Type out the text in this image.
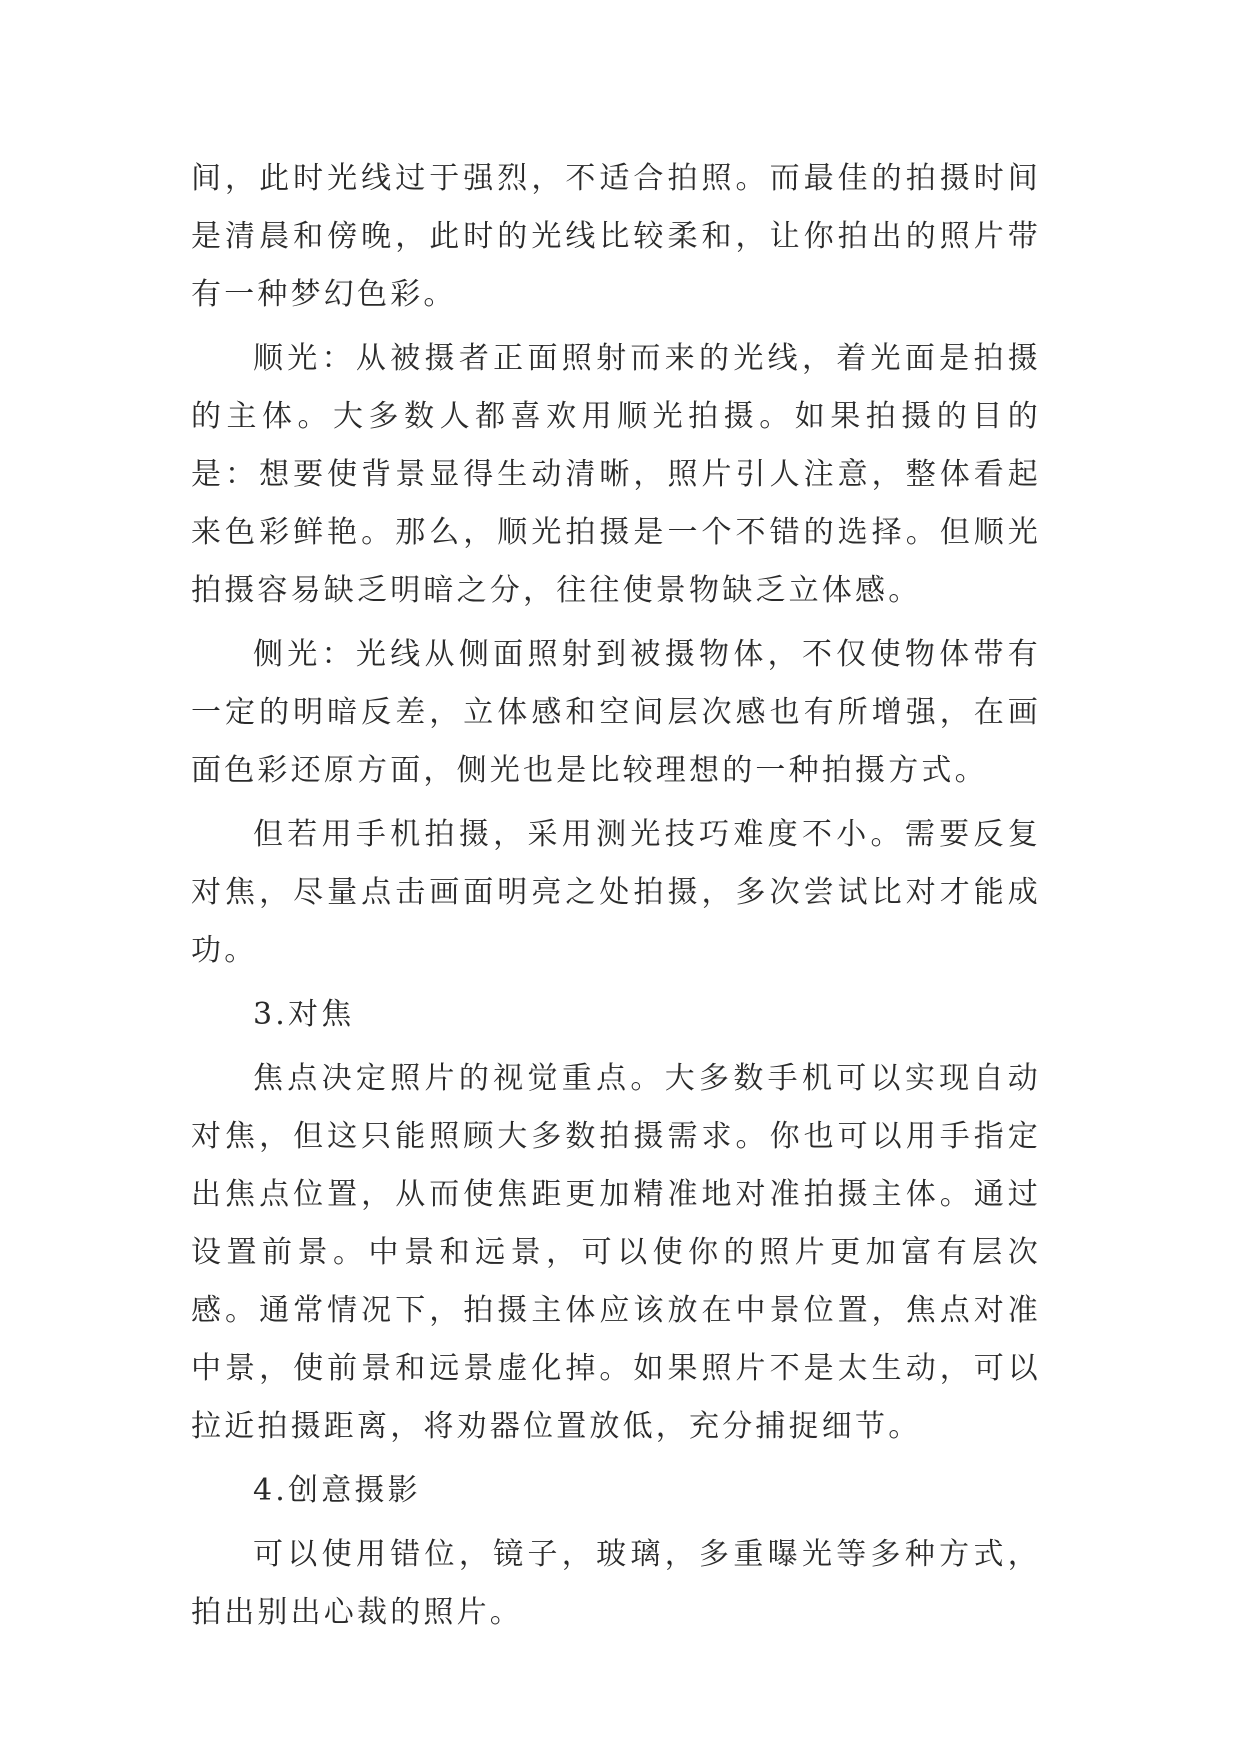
间，此时光线过于强烈，不适合拍照。而最佳的拍摄时间是清晨和傍晚，此时的光线比较柔和，让你拍出的照片带有一种梦幻色彩。

顺光：从被摄者正面照射而来的光线，着光面是拍摄的主体。大多数人都喜欢用顺光拍摄。如果拍摄的目的是：想要使背景显得生动清晰，照片引人注意，整体看起来色彩鲜艳。那么，顺光拍摄是一个不错的选择。但顺光拍摄容易缺乏明暗之分，往往使景物缺乏立体感。

侧光：光线从侧面照射到被摄物体，不仅使物体带有一定的明暗反差，立体感和空间层次感也有所增强，在画面色彩还原方面，侧光也是比较理想的一种拍摄方式。

但若用手机拍摄，采用测光技巧难度不小。需要反复对焦，尽量点击画面明亮之处拍摄，多次尝试比对才能成功。

3.对焦

焦点决定照片的视觉重点。大多数手机可以实现自动对焦，但这只能照顾大多数拍摄需求。你也可以用手指定出焦点位置，从而使焦距更加精准地对准拍摄主体。通过设置前景。中景和远景，可以使你的照片更加富有层次感。通常情况下，拍摄主体应该放在中景位置，焦点对准中景，使前景和远景虚化掉。如果照片不是太生动，可以拉近拍摄距离，将劝器位置放低，充分捕捉细节。

4.创意摄影

可以使用错位，镜子，玻璃，多重曝光等多种方式，拍出别出心裁的照片。
